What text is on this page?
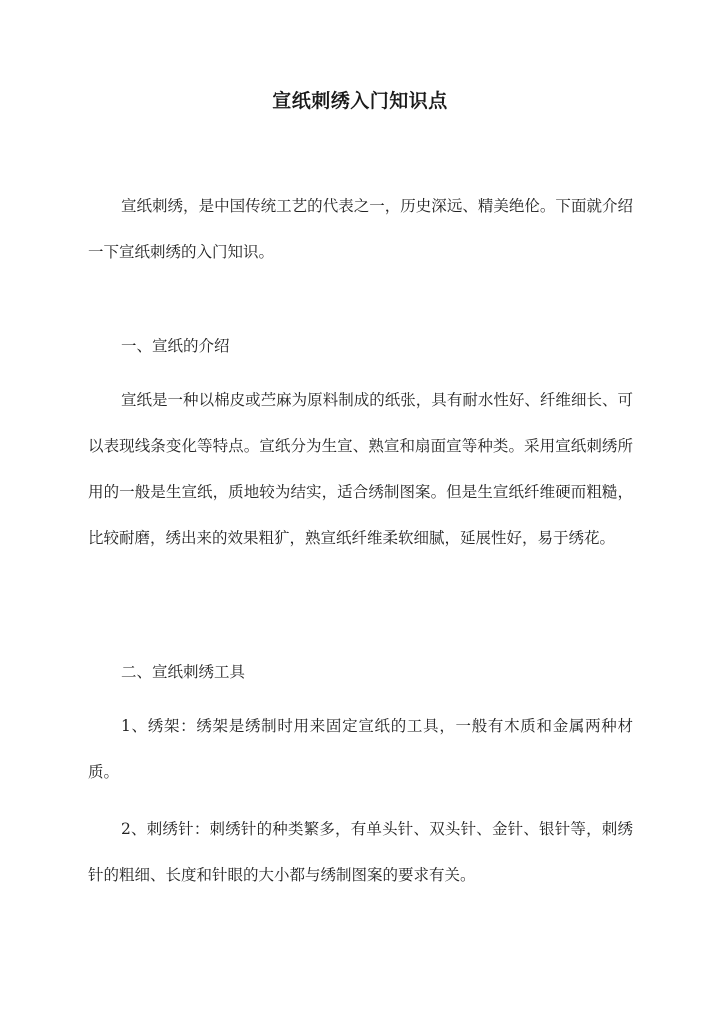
宣纸刺绣入门知识点

宣纸刺绣，是中国传统工艺的代表之一，历史深远、精美绝伦。下面就介绍一下宣纸刺绣的入门知识。

一、宣纸的介绍

宣纸是一种以棉皮或苎麻为原料制成的纸张，具有耐水性好、纤维细长、可以表现线条变化等特点。宣纸分为生宣、熟宣和扇面宣等种类。采用宣纸刺绣所用的一般是生宣纸，质地较为结实，适合绣制图案。但是生宣纸纤维硬而粗糙，比较耐磨，绣出来的效果粗犷，熟宣纸纤维柔软细腻，延展性好，易于绣花。

二、宣纸刺绣工具

1、绣架：绣架是绣制时用来固定宣纸的工具，一般有木质和金属两种材质。

2、刺绣针：刺绣针的种类繁多，有单头针、双头针、金针、银针等，刺绣针的粗细、长度和针眼的大小都与绣制图案的要求有关。
